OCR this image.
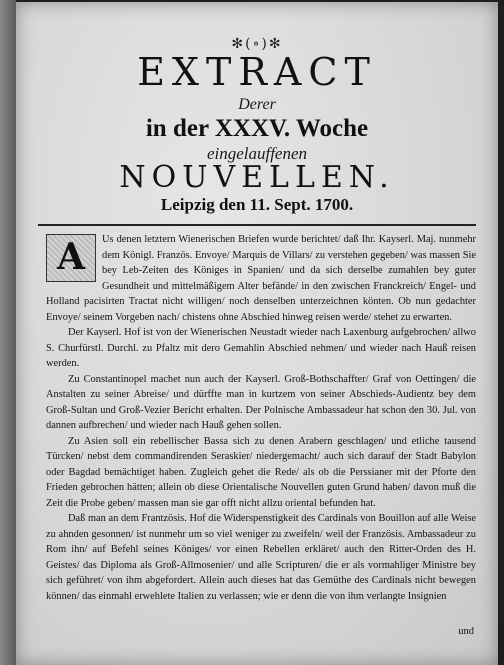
✻(∘)✻
EXTRACT
Derer
in der XXXV. Woche
eingelauffenen
NOUVELLEN.
Leipzig den 11. Sept. 1700.

A	Us denen letztern Wienerischen Briefen wurde berichtet/ daß Ihr. Kayserl. Maj. nunmehr dem Königl. Französ. Envoye/ Marquis de Villars/ zu verstehen gegeben/ was massen Sie bey Leb-Zeiten des Königes in Spanien/ und da sich derselbe zumahlen bey guter Gesundheit und mittelmäßigem Alter befände/ in den zwischen Franckreich/ Engel- und Holland pacisirten Tractat nicht willigen/ noch denselben unterzeichnen könten. Ob nun gedachter Envoye/ seinem Vorgeben nach/ chistens ohne Abschied hinweg reisen werde/ stehet zu erwarten.

Der Kayserl. Hof ist von der Wienerischen Neustadt wieder nach Laxenburg aufgebrochen/ allwo S. Churfürstl. Durchl. zu Pfaltz mit dero Gemahlin Abschied nehmen/ und wieder nach Hauß reisen werden.

Zu Constantinopel machet nun auch der Kayserl. Groß-Bothschaffter/ Graf von Oettingen/ die Anstalten zu seiner Abreise/ und dürffte man in kurtzem von seiner Abschieds-Audientz bey dem Groß-Sultan und Groß-Vezier Bericht erhalten. Der Polnische Ambassadeur hat schon den 30. Jul. von dannen aufbrechen/ und wieder nach Hauß gehen sollen.

Zu Asien soll ein rebellischer Bassa sich zu denen Arabern geschlagen/ und etliche tausend Türcken/ nebst dem commandirenden Seraskier/ niedergemacht/ auch sich darauf der Stadt Babylon oder Bagdad bemächtiget haben. Zugleich gehet die Rede/ als ob die Perssianer mit der Pforte den Frieden gebrochen hätten; allein ob diese Orientalische Nouvellen guten Grund haben/ davon muß die Zeit die Probe geben/ massen man sie gar offt nicht allzu oriental befunden hat.

Daß man an dem Frantzösis. Hof die Widerspenstigkeit des Cardinals von Bouillon auf alle Weise zu ahnden gesonnen/ ist nunmehr um so viel weniger zu zweifeln/ weil der Französis. Ambassadeur zu Rom ihn/ auf Befehl seines Königes/ vor einen Rebellen erkläret/ auch den Ritter-Orden des H. Geistes/ das Diploma als Groß-Allmosenier/ und alle Scripturen/ die er als vormahliger Ministre bey sich geführet/ von ihm abgefordert. Allein auch dieses hat das Gemüthe des Cardinals nicht bewegen können/ das einmahl erwehlete Italien zu verlassen; wie er denn die von ihm verlangte Insignien

und
